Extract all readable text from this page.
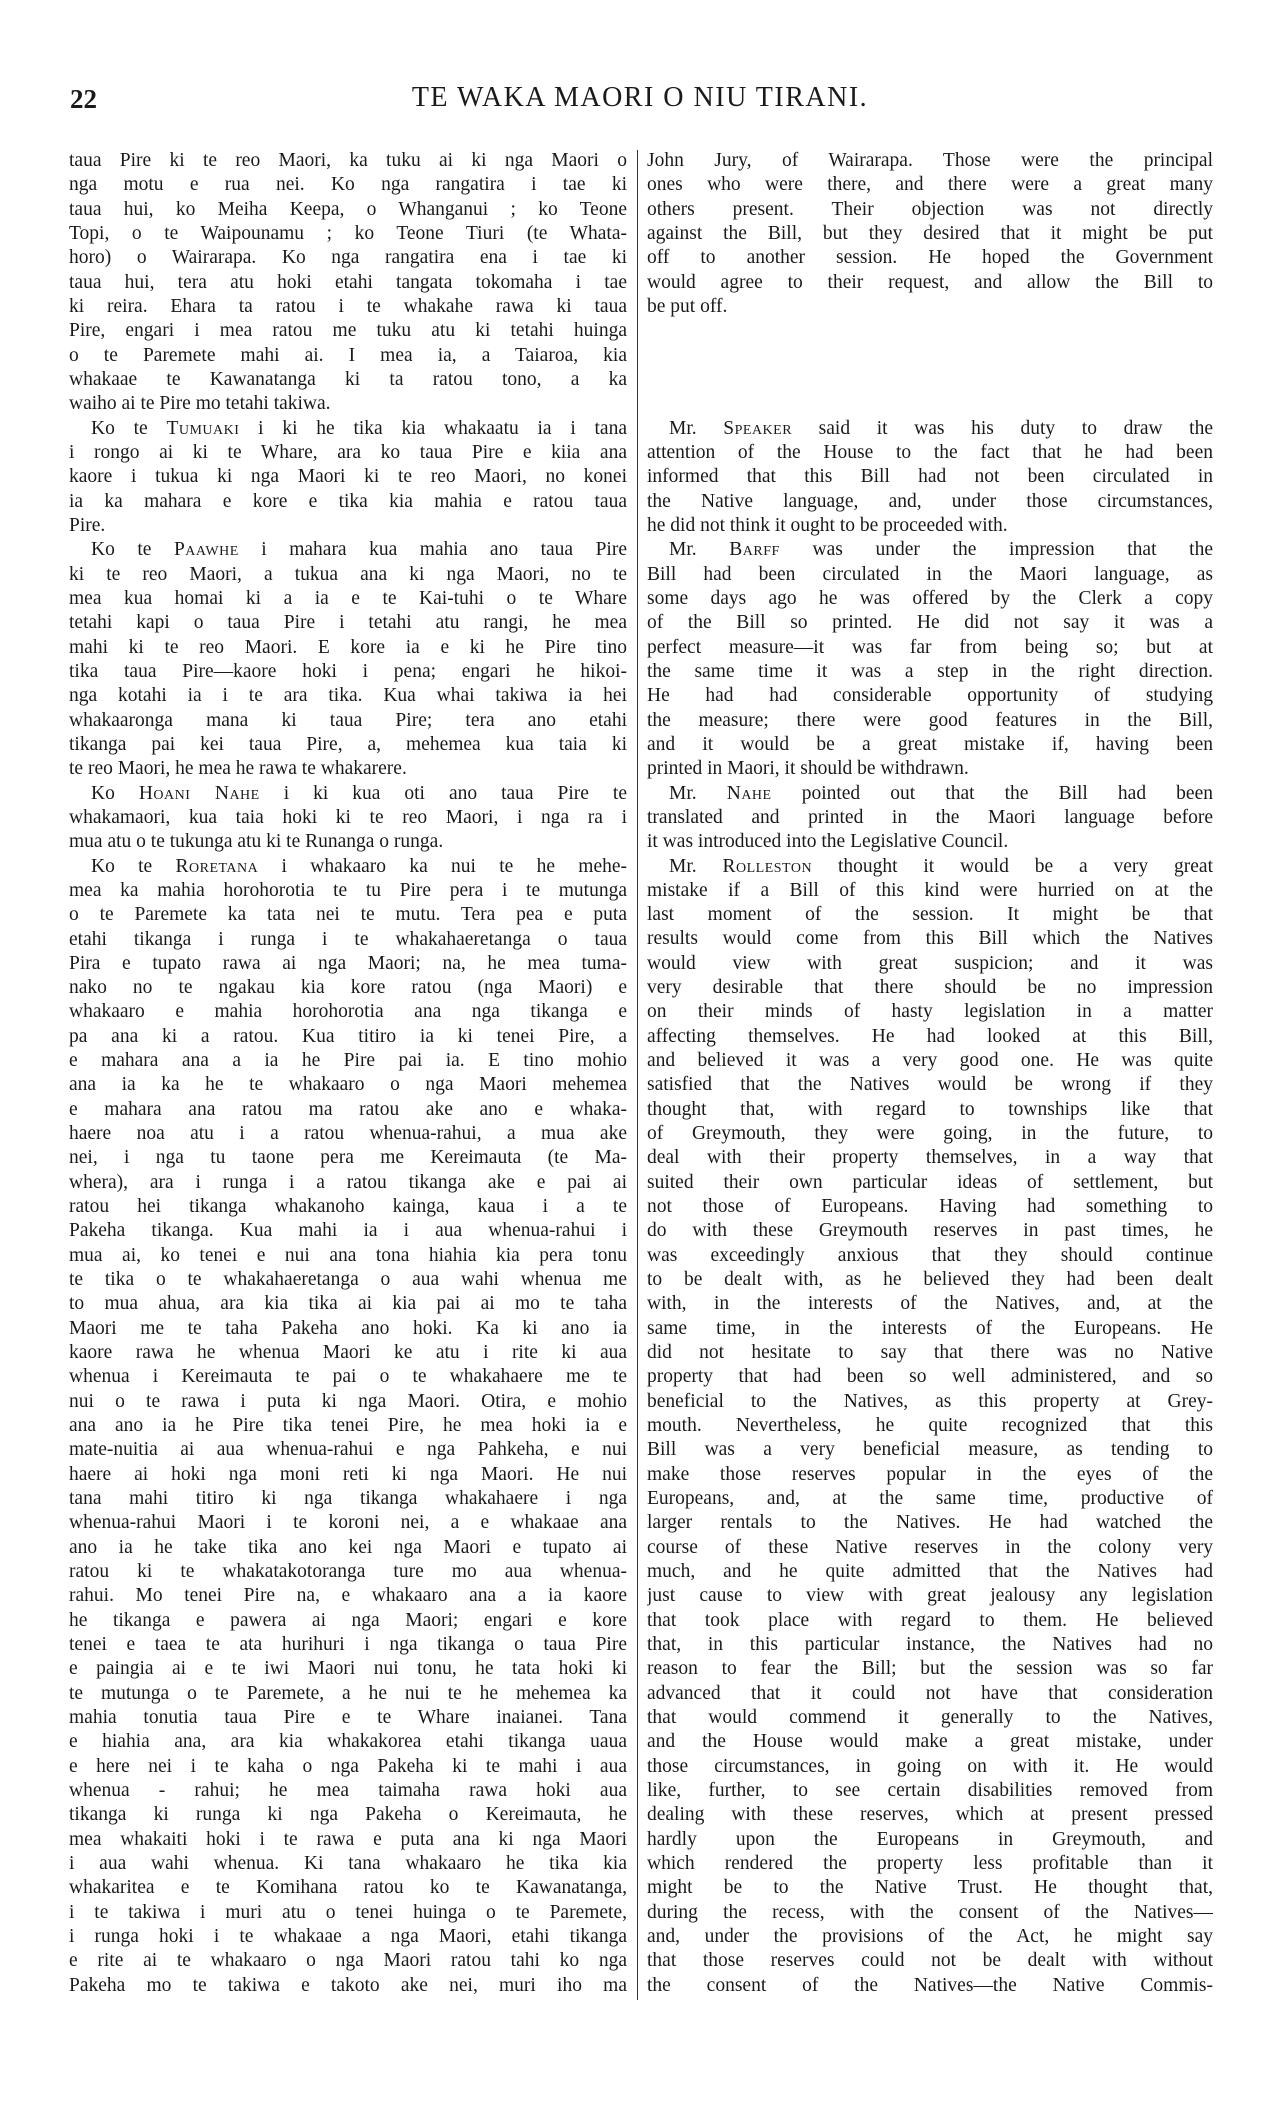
22	TE WAKA MAORI O NIU TIRANI.
taua Pire ki te reo Maori, ka tuku ai ki nga Maori o
nga motu e rua nei. Ko nga rangatira i tae ki
taua hui, ko Meiha Keepa, o Whanganui ; ko Teone
Topi, o te Waipounamu ; ko Teone Tiuri (te Whata-
horo) o Wairarapa. Ko nga rangatira ena i tae ki
taua hui, tera atu hoki etahi tangata tokomaha i tae
ki reira. Ehara ta ratou i te whakahe rawa ki taua
Pire, engari i mea ratou me tuku atu ki tetahi huinga
o te Paremete mahi ai. I mea ia, a Taiaroa, kia
whakaae te Kawanatanga ki ta ratou tono, a ka
waiho ai te Pire mo tetahi takiwa.
Ko te Tumuaki i ki he tika kia whakaatu ia i tana
i rongo ai ki te Whare, ara ko taua Pire e kiia ana
kaore i tukua ki nga Maori ki te reo Maori, no konei
ia ka mahara e kore e tika kia mahia e ratou taua
Pire.
Ko te Paawhe i mahara kua mahia ano taua Pire
ki te reo Maori, a tukua ana ki nga Maori, no te
mea kua homai ki a ia e te Kai-tuhi o te Whare
tetahi kapi o taua Pire i tetahi atu rangi, he mea
mahi ki te reo Maori. E kore ia e ki he Pire tino
tika taua Pire—kaore hoki i pena; engari he hikoi-
nga kotahi ia i te ara tika. Kua whai takiwa ia hei
whakaaronga mana ki taua Pire; tera ano etahi
tikanga pai kei taua Pire, a, mehemea kua taia ki
te reo Maori, he mea he rawa te whakarere.
Ko Hoani Nahe i ki kua oti ano taua Pire te
whakamaori, kua taia hoki ki te reo Maori, i nga ra i
mua atu o te tukunga atu ki te Runanga o runga.
Ko te Roretana i whakaaro ka nui te he mehe-
mea ka mahia horohorotia te tu Pire pera i te mutunga
o te Paremete ka tata nei te mutu. Tera pea e puta
etahi tikanga i runga i te whakahaeretanga o taua
Pira e tupato rawa ai nga Maori; na, he mea tuma-
nako no te ngakau kia kore ratou (nga Maori) e
whakaaro e mahia horohorotia ana nga tikanga e
pa ana ki a ratou. Kua titiro ia ki tenei Pire, a
e mahara ana a ia he Pire pai ia. E tino mohio
ana ia ka he te whakaaro o nga Maori mehemea
e mahara ana ratou ma ratou ake ano e whaka-
haere noa atu i a ratou whenua-rahui, a mua ake
nei, i nga tu taone pera me Kereimauta (te Ma-
whera), ara i runga i a ratou tikanga ake e pai ai
ratou hei tikanga whakanoho kainga, kaua i a te
Pakeha tikanga. Kua mahi ia i aua whenua-rahui i
mua ai, ko tenei e nui ana tona hiahia kia pera tonu
te tika o te whakahaeretanga o aua wahi whenua me
to mua ahua, ara kia tika ai kia pai ai mo te taha
Maori me te taha Pakeha ano hoki. Ka ki ano ia
kaore rawa he whenua Maori ke atu i rite ki aua
whenua i Kereimauta te pai o te whakahaere me te
nui o te rawa i puta ki nga Maori. Otira, e mohio
ana ano ia he Pire tika tenei Pire, he mea hoki ia e
mate-nuitia ai aua whenua-rahui e nga Pahkeha, e nui
haere ai hoki nga moni reti ki nga Maori. He nui
tana mahi titiro ki nga tikanga whakahaere i nga
whenua-rahui Maori i te koroni nei, a e whakaae ana
ano ia he take tika ano kei nga Maori e tupato ai
ratou ki te whakatakotoranga ture mo aua whenua-
rahui. Mo tenei Pire na, e whakaaro ana a ia kaore
he tikanga e pawera ai nga Maori; engari e kore
tenei e taea te ata hurihuri i nga tikanga o taua Pire
e paingia ai e te iwi Maori nui tonu, he tata hoki ki
te mutunga o te Paremete, a he nui te he mehemea ka
mahia tonutia taua Pire e te Whare inaianei. Tana
e hiahia ana, ara kia whakakorea etahi tikanga uaua
e here nei i te kaha o nga Pakeha ki te mahi i aua
whenua - rahui; he mea taimaha rawa hoki aua
tikanga ki runga ki nga Pakeha o Kereimauta, he
mea whakaiti hoki i te rawa e puta ana ki nga Maori
i aua wahi whenua. Ki tana whakaaro he tika kia
whakaritea e te Komihana ratou ko te Kawanatanga,
i te takiwa i muri atu o tenei huinga o te Paremete,
i runga hoki i te whakaae a nga Maori, etahi tikanga
e rite ai te whakaaro o nga Maori ratou tahi ko nga
Pakeha mo te takiwa e takoto ake nei, muri iho ma
John Jury, of Wairarapa. Those were the principal
ones who were there, and there were a great many
others present. Their objection was not directly
against the Bill, but they desired that it might be put
off to another session. He hoped the Government
would agree to their request, and allow the Bill to
be put off.
Mr. Speaker said it was his duty to draw the
attention of the House to the fact that he had been
informed that this Bill had not been circulated in
the Native language, and, under those circumstances,
he did not think it ought to be proceeded with.
Mr. Barff was under the impression that the
Bill had been circulated in the Maori language, as
some days ago he was offered by the Clerk a copy
of the Bill so printed. He did not say it was a
perfect measure—it was far from being so; but at
the same time it was a step in the right direction.
He had had considerable opportunity of studying
the measure; there were good features in the Bill,
and it would be a great mistake if, having been
printed in Maori, it should be withdrawn.
Mr. Nahe pointed out that the Bill had been
translated and printed in the Maori language before
it was introduced into the Legislative Council.
Mr. Rolleston thought it would be a very great
mistake if a Bill of this kind were hurried on at the
last moment of the session. It might be that
results would come from this Bill which the Natives
would view with great suspicion; and it was
very desirable that there should be no impression
on their minds of hasty legislation in a matter
affecting themselves. He had looked at this Bill,
and believed it was a very good one. He was quite
satisfied that the Natives would be wrong if they
thought that, with regard to townships like that
of Greymouth, they were going, in the future, to
deal with their property themselves, in a way that
suited their own particular ideas of settlement, but
not those of Europeans. Having had something to
do with these Greymouth reserves in past times, he
was exceedingly anxious that they should continue
to be dealt with, as he believed they had been dealt
with, in the interests of the Natives, and, at the
same time, in the interests of the Europeans. He
did not hesitate to say that there was no Native
property that had been so well administered, and so
beneficial to the Natives, as this property at Grey-
mouth. Nevertheless, he quite recognized that this
Bill was a very beneficial measure, as tending to
make those reserves popular in the eyes of the
Europeans, and, at the same time, productive of
larger rentals to the Natives. He had watched the
course of these Native reserves in the colony very
much, and he quite admitted that the Natives had
just cause to view with great jealousy any legislation
that took place with regard to them. He believed
that, in this particular instance, the Natives had no
reason to fear the Bill; but the session was so far
advanced that it could not have that consideration
that would commend it generally to the Natives,
and the House would make a great mistake, under
those circumstances, in going on with it. He would
like, further, to see certain disabilities removed from
dealing with these reserves, which at present pressed
hardly upon the Europeans in Greymouth, and
which rendered the property less profitable than it
might be to the Native Trust. He thought that,
during the recess, with the consent of the Natives—
and, under the provisions of the Act, he might say
that those reserves could not be dealt with without
the consent of the Natives—the Native Commis-
